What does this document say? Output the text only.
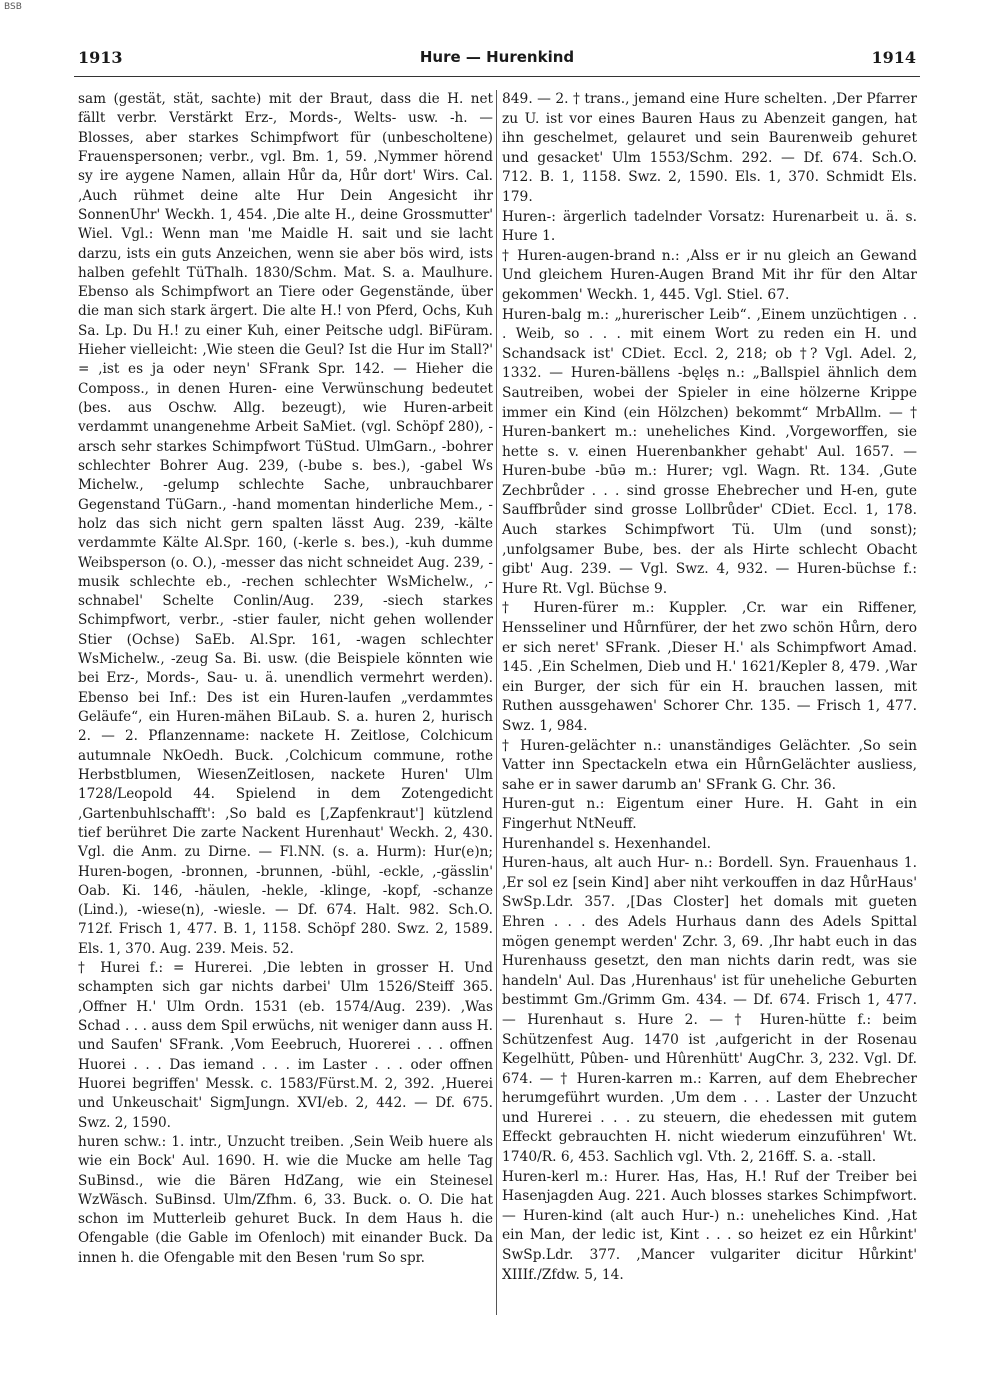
BSB
1913	Hure — Hurenkind	1914

sam (gestät, stät, sachte) mit der Braut, dass die H. net fällt verbr. Verstärkt Erz-, Mords-, Welts- usw. -h. — Blosses, aber starkes Schimpfwort für (unbescholtene) Frauenspersonen; verbr., vgl. Bm. 1, 59. ‚Nymmer hörend sy ire aygene Namen, allain Hůr da, Hůr dort' Wirs. Cal. ‚Auch rühmet deine alte Hur Dein Angesicht ihr SonnenUhr' Weckh. 1, 454. ‚Die alte H., deine Grossmutter' Wiel. Vgl.: Wenn man 'me Maidle H. sait und sie lacht darzu, ists ein guts Anzeichen, wenn sie aber bös wird, ists halben gefehlt TüThalh. 1830/Schm. Mat. S. a. Maulhure. Ebenso als Schimpfwort an Tiere oder Gegenstände, über die man sich stark ärgert. Die alte H.! von Pferd, Ochs, Kuh Sa. Lp. Du H.! zu einer Kuh, einer Peitsche udgl. BiFüram. Hieher vielleicht: ‚Wie steen die Geul? Ist die Hur im Stall?' = ‚ist es ja oder neyn' SFrank Spr. 142. — Hieher die Composs., in denen Huren- eine Verwünschung bedeutet (bes. aus Oschw. Allg. bezeugt), wie Huren-arbeit verdammt unangenehme Arbeit SaMiet. (vgl. Schöpf 280), -arsch sehr starkes Schimpfwort TüStud. UlmGarn., -bohrer schlechter Bohrer Aug. 239, (-bube s. bes.), -gabel Ws Michelw., -gelump schlechte Sache, unbrauchbarer Gegenstand TüGarn., -hand momentan hinderliche Mem., -holz das sich nicht gern spalten lässt Aug. 239, -kälte verdammte Kälte Al.Spr. 160, (-kerle s. bes.), -kuh dumme Weibsperson (o. O.), -messer das nicht schneidet Aug. 239, -musik schlechte eb., -rechen schlechter WsMichelw., ‚-schnabel' Schelte Conlin/Aug. 239, -siech starkes Schimpfwort, verbr., -stier fauler, nicht gehen wollender Stier (Ochse) SaEb. Al.Spr. 161, -wagen schlechter WsMichelw., -zeug Sa. Bi. usw. (die Beispiele könnten wie bei Erz-, Mords-, Sau- u. ä. unendlich vermehrt werden). Ebenso bei Inf.: Des ist ein Huren-laufen „verdammtes Geläufe“, ein Huren-mähen BiLaub. S. a. huren 2, hurisch 2. — 2. Pflanzenname: nackete H. Zeitlose, Colchicum autumnale NkOedh. Buck. ‚Colchicum commune, rothe Herbstblumen, WiesenZeitlosen, nackete Huren' Ulm 1728/Leopold 44. Spielend in dem Zotengedicht ‚Gartenbuhlschafft': ‚So bald es [‚Zapfenkraut'] kützlend tief berühret Die zarte Nackent Hurenhaut' Weckh. 2, 430. Vgl. die Anm. zu Dirne. — Fl.NN. (s. a. Hurm): Hur(e)n; Huren-bogen, -bronnen, -brunnen, -bühl, -eckle, ‚-gässlin' Oab. Ki. 146, -häulen, -hekle, -klinge, -kopf, -schanze (Lind.), -wiese(n), -wiesle. — Df. 674. Halt. 982. Sch.O. 712f. Frisch 1, 477. B. 1, 1158. Schöpf 280. Swz. 2, 1589. Els. 1, 370. Aug. 239. Meis. 52.

† Hurei f.: = Hurerei. ‚Die lebten in grosser H. Und schampten sich gar nichts darbei' Ulm 1526/Steiff 365. ‚Offner H.' Ulm Ordn. 1531 (eb. 1574/Aug. 239). ‚Was Schad . . . auss dem Spil erwüchs, nit weniger dann auss H. und Saufen' SFrank. ‚Vom Eeebruch, Huorerei . . . offnen Huorei . . . Das iemand . . . im Laster . . . oder offnen Huorei begriffen' Messk. c. 1583/Fürst.M. 2, 392. ‚Huerei und Unkeuschait' SigmJungn. XVI/eb. 2, 442. — Df. 675. Swz. 2, 1590.

huren schw.: 1. intr., Unzucht treiben. ‚Sein Weib huere als wie ein Bock' Aul. 1690. H. wie die Mucke am helle Tag SuBinsd., wie die Bären HdZang, wie ein Steinesel WzWäsch. SuBinsd. Ulm/Zfhm. 6, 33. Buck. o. O. Die hat schon im Mutterleib gehuret Buck. In dem Haus h. die Ofengable (die Gable im Ofenloch) mit einander Buck. Da innen h. die Ofengable mit den Besen 'rum So spr.

849. — 2. † trans., jemand eine Hure schelten. ‚Der Pfarrer zu U. ist vor eines Bauren Haus zu Abenzeit gangen, hat ihn geschelmet, gelauret und sein Baurenweib gehuret und gesacket' Ulm 1553/Schm. 292. — Df. 674. Sch.O. 712. B. 1, 1158. Swz. 2, 1590. Els. 1, 370. Schmidt Els. 179.

Huren-: ärgerlich tadelnder Vorsatz: Hurenarbeit u. ä. s. Hure 1.

† Huren-augen-brand n.: ‚Alss er ir nu gleich an Gewand Und gleichem Huren-Augen Brand Mit ihr für den Altar gekommen' Weckh. 1, 445. Vgl. Stiel. 67.

Huren-balg m.: „hurerischer Leib“. ‚Einem unzüchtigen . . . Weib, so . . . mit einem Wort zu reden ein H. und Schandsack ist' CDiet. Eccl. 2, 218; ob †? Vgl. Adel. 2, 1332. — Huren-bällens -bęlęs n.: „Ballspiel ähnlich dem Sautreiben, wobei der Spieler in eine hölzerne Krippe immer ein Kind (ein Hölzchen) bekommt“ MrbAllm. — † Huren-bankert m.: uneheliches Kind. ‚Vorgeworffen, sie hette s. v. einen Huerenbankher gehabt' Aul. 1657. — Huren-bube -būə m.: Hurer; vgl. Wagn. Rt. 134. ‚Gute Zechbrůder . . . sind grosse Ehebrecher und H-en, gute Sauffbrůder sind grosse Lollbrůder' CDiet. Eccl. 1, 178. Auch starkes Schimpfwort Tü. Ulm (und sonst); ‚unfolgsamer Bube, bes. der als Hirte schlecht Obacht gibt' Aug. 239. — Vgl. Swz. 4, 932. — Huren-büchse f.: Hure Rt. Vgl. Büchse 9.

† Huren-fürer m.: Kuppler. ‚Cr. war ein Riffener, Hensseliner und Hůrnfürer, der het zwo schön Hůrn, dero er sich neret' SFrank. ‚Dieser H.' als Schimpfwort Amad. 145. ‚Ein Schelmen, Dieb und H.' 1621/Kepler 8, 479. ‚War ein Burger, der sich für ein H. brauchen lassen, mit Ruthen aussgehawen' Schorer Chr. 135. — Frisch 1, 477. Swz. 1, 984.

† Huren-gelächter n.: unanständiges Gelächter. ‚So sein Vatter inn Spectackeln etwa ein HůrnGelächter ausliess, sahe er in sawer darumb an' SFrank G. Chr. 36.

Huren-gut n.: Eigentum einer Hure. H. Gaht in ein Fingerhut NtNeuff.

Hurenhandel s. Hexenhandel.

Huren-haus, alt auch Hur- n.: Bordell. Syn. Frauenhaus 1. ‚Er sol ez [sein Kind] aber niht verkouffen in daz HůrHaus' SwSp.Ldr. 357. ‚[Das Closter] het domals mit gueten Ehren . . . des Adels Hurhaus dann des Adels Spittal mögen genempt werden' Zchr. 3, 69. ‚Ihr habt euch in das Hurenhauss gesetzt, den man nichts darin redt, was sie handeln' Aul. Das ‚Hurenhaus' ist für uneheliche Geburten bestimmt Gm./Grimm Gm. 434. — Df. 674. Frisch 1, 477. — Hurenhaut s. Hure 2. — † Huren-hütte f.: beim Schützenfest Aug. 1470 ist ‚aufgericht in der Rosenau Kegelhütt, Pûben- und Hûrenhütt' AugChr. 3, 232. Vgl. Df. 674. — † Huren-karren m.: Karren, auf dem Ehebrecher herumgeführt wurden. ‚Um dem . . . Laster der Unzucht und Hurerei . . . zu steuern, die ehedessen mit gutem Effeckt gebrauchten H. nicht wiederum einzuführen' Wt. 1740/R. 6, 453. Sachlich vgl. Vth. 2, 216ff. S. a. -stall.

Huren-kerl m.: Hurer. Has, Has, H.! Ruf der Treiber bei Hasenjagden Aug. 221. Auch blosses starkes Schimpfwort. — Huren-kind (alt auch Hur-) n.: uneheliches Kind. ‚Hat ein Man, der ledic ist, Kint . . . so heizet ez ein Hůrkint' SwSp.Ldr. 377. ‚Mancer vulgariter dicitur Hůrkint' XIIIf./Zfdw. 5, 14.
